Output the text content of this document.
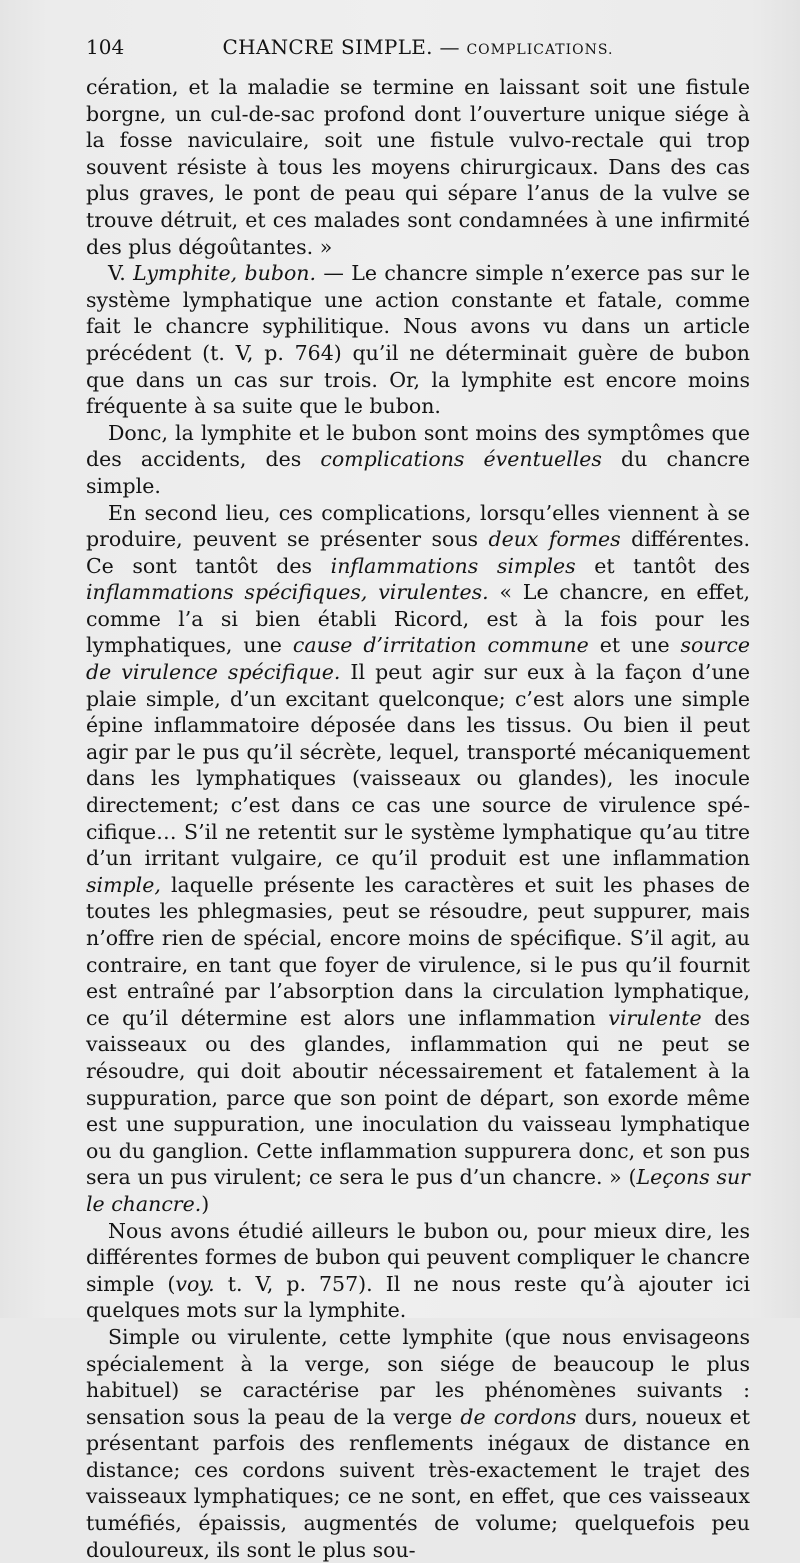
104	CHANCRE SIMPLE. — COMPLICATIONS.

cération, et la maladie se termine en laissant soit une fistule borgne, un cul-de-sac profond dont l’ouverture unique siége à la fosse naviculaire, soit une fistule vulvo-rectale qui trop souvent résiste à tous les moyens chirurgicaux. Dans des cas plus graves, le pont de peau qui sépare l’anus de la vulve se trouve détruit, et ces malades sont condamnées à une infirmité des plus dégoûtantes. »

V. Lymphite, bubon. — Le chancre simple n’exerce pas sur le système lymphatique une action constante et fatale, comme fait le chancre syphilitique. Nous avons vu dans un article précédent (t. V, p. 764) qu’il ne déterminait guère de bubon que dans un cas sur trois. Or, la lymphite est encore moins fréquente à sa suite que le bubon.

Donc, la lymphite et le bubon sont moins des symptômes que des accidents, des complications éventuelles du chancre simple.

En second lieu, ces complications, lorsqu’elles viennent à se produire, peuvent se présenter sous deux formes différentes. Ce sont tantôt des inflammations simples et tantôt des inflammations spécifiques, virulentes. « Le chancre, en effet, comme l’a si bien établi Ricord, est à la fois pour les lymphatiques, une cause d’irritation commune et une source de virulence spécifique. Il peut agir sur eux à la façon d’une plaie simple, d’un excitant quelconque; c’est alors une simple épine inflammatoire déposée dans les tissus. Ou bien il peut agir par le pus qu’il sécrète, lequel, transporté mécaniquement dans les lymphatiques (vaisseaux ou glandes), les inocule directement; c’est dans ce cas une source de virulence spécifique… S’il ne retentit sur le système lymphatique qu’au titre d’un irritant vulgaire, ce qu’il produit est une inflammation simple, laquelle présente les caractères et suit les phases de toutes les phlegmasies, peut se résoudre, peut suppurer, mais n’offre rien de spécial, encore moins de spécifique. S’il agit, au contraire, en tant que foyer de virulence, si le pus qu’il fournit est entraîné par l’absorption dans la circulation lymphatique, ce qu’il détermine est alors une inflammation virulente des vaisseaux ou des glandes, inflammation qui ne peut se résoudre, qui doit aboutir nécessairement et fatalement à la suppuration, parce que son point de départ, son exorde même est une suppuration, une inoculation du vaisseau lymphatique ou du ganglion. Cette inflammation suppurera donc, et son pus sera un pus virulent; ce sera le pus d’un chancre. » (Leçons sur le chancre.)

Nous avons étudié ailleurs le bubon ou, pour mieux dire, les différentes formes de bubon qui peuvent compliquer le chancre simple (voy. t. V, p. 757). Il ne nous reste qu’à ajouter ici quelques mots sur la lymphite.

Simple ou virulente, cette lymphite (que nous envisageons spécialement à la verge, son siége de beaucoup le plus habituel) se caractérise par les phénomènes suivants : sensation sous la peau de la verge de cordons durs, noueux et présentant parfois des renflements inégaux de distance en distance; ces cordons suivent très-exactement le trajet des vaisseaux lymphatiques; ce ne sont, en effet, que ces vaisseaux tuméfiés, épaissis, augmentés de volume; quelquefois peu douloureux, ils sont le plus sou-
